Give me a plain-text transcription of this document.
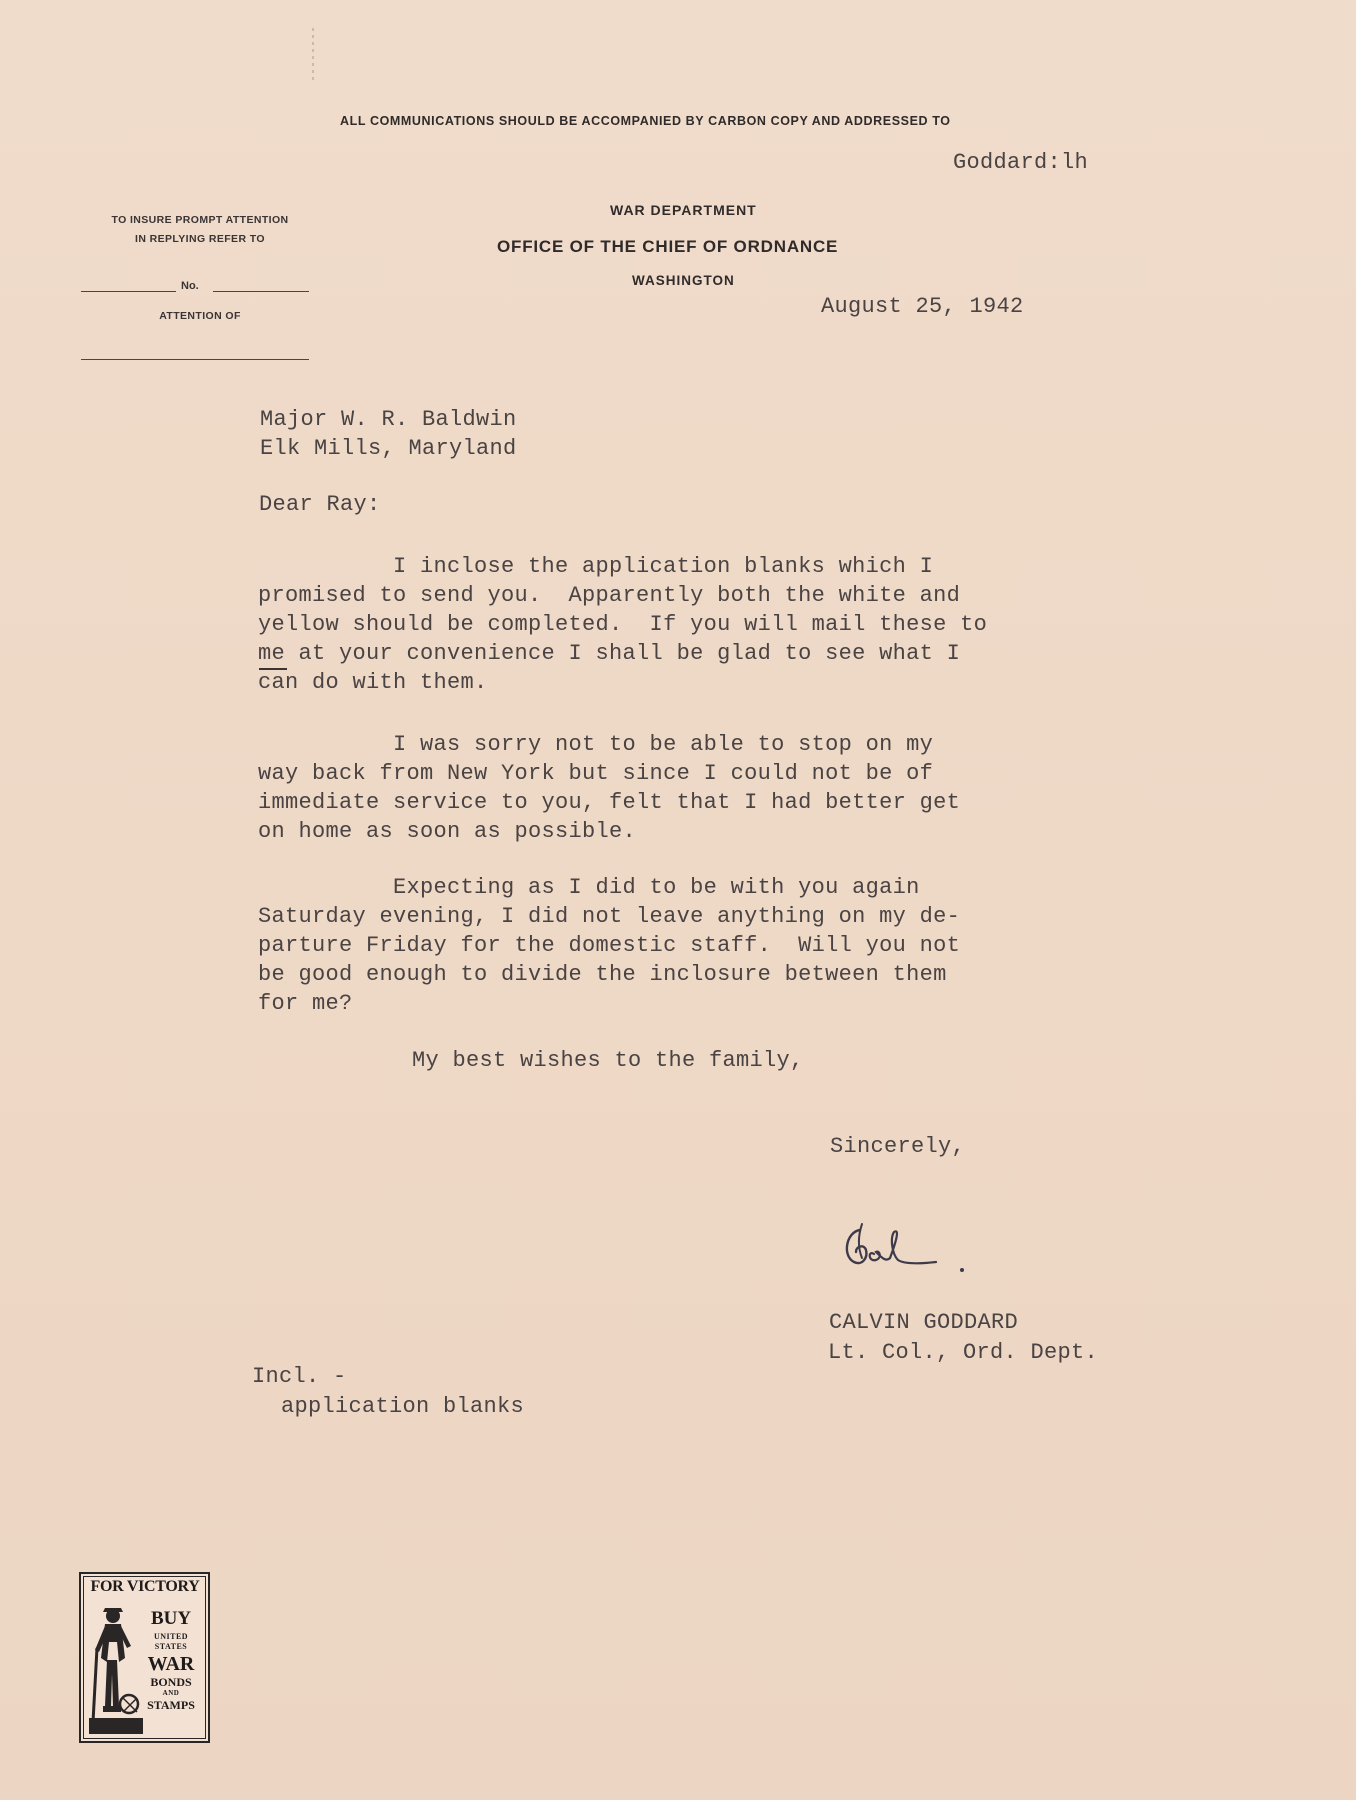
ALL COMMUNICATIONS SHOULD BE ACCOMPANIED BY CARBON COPY AND ADDRESSED TO
Goddard:lh
TO INSURE PROMPT ATTENTION
IN REPLYING REFER TO
No.
ATTENTION OF
WAR DEPARTMENT
OFFICE OF THE CHIEF OF ORDNANCE
WASHINGTON
August 25, 1942
Major W. R. Baldwin
Elk Mills, Maryland
Dear Ray:
I inclose the application blanks which I
promised to send you.  Apparently both the white and
yellow should be completed.  If you will mail these to
me at your convenience I shall be glad to see what I
can do with them.
I was sorry not to be able to stop on my
way back from New York but since I could not be of
immediate service to you, felt that I had better get
on home as soon as possible.
Expecting as I did to be with you again
Saturday evening, I did not leave anything on my de-
parture Friday for the domestic staff.  Will you not
be good enough to divide the inclosure between them
for me?
My best wishes to the family,
Sincerely,
CALVIN GODDARD
Lt. Col., Ord. Dept.
Incl. -
application blanks
FOR VICTORY
BUY
UNITED
STATES
WAR
BONDS
AND
STAMPS
